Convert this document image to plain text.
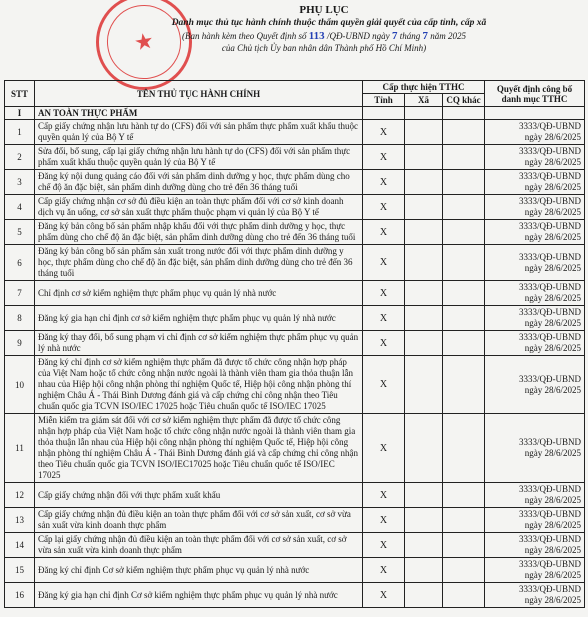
★
PHỤ LỤC
Danh mục thủ tục hành chính thuộc thẩm quyền giải quyết của cấp tỉnh, cấp xã
(Ban hành kèm theo Quyết định số 113 /QĐ-UBND ngày 7 tháng 7 năm 2025
của Chủ tịch Ủy ban nhân dân Thành phố Hồ Chí Minh)
STT	TÊN THỦ TỤC HÀNH CHÍNH	Cấp thực hiện TTHC			Quyết định công bố danh mục TTHC
		Tỉnh	Xã	CQ khác	
I	AN TOÀN THỰC PHẨM				
1	Cấp giấy chứng nhận lưu hành tự do (CFS) đối với sản phẩm thực phẩm xuất khẩu thuộc quyền quản lý của Bộ Y tế	X			3333/QĐ-UBND
ngày 28/6/2025

2	Sửa đổi, bổ sung, cấp lại giấy chứng nhận lưu hành tự do (CFS) đối với sản phẩm thực phẩm xuất khẩu thuộc quyền quản lý của Bộ Y tế	X			3333/QĐ-UBND
ngày 28/6/2025

3	Đăng ký nội dung quảng cáo đối với sản phẩm dinh dưỡng y học, thực phẩm dùng cho chế độ ăn đặc biệt, sản phẩm dinh dưỡng dùng cho trẻ đến 36 tháng tuổi	X			3333/QĐ-UBND
ngày 28/6/2025

4	Cấp giấy chứng nhận cơ sở đủ điều kiện an toàn thực phẩm đối với cơ sở kinh doanh dịch vụ ăn uống, cơ sở sản xuất thực phẩm thuộc phạm vi quản lý của Bộ Y tế	X			3333/QĐ-UBND
ngày 28/6/2025

5	Đăng ký bản công bố sản phẩm nhập khẩu đối với thực phẩm dinh dưỡng y học, thực phẩm dùng cho chế độ ăn đặc biệt, sản phẩm dinh dưỡng dùng cho trẻ đến 36 tháng tuổi	X			3333/QĐ-UBND
ngày 28/6/2025

6	Đăng ký bản công bố sản phẩm sản xuất trong nước đối với thực phẩm dinh dưỡng y học, thực phẩm dùng cho chế độ ăn đặc biệt, sản phẩm dinh dưỡng dùng cho trẻ đến 36 tháng tuổi	X			3333/QĐ-UBND
ngày 28/6/2025

7	Chỉ định cơ sở kiểm nghiệm thực phẩm phục vụ quản lý nhà nước	X			3333/QĐ-UBND
ngày 28/6/2025

8	Đăng ký gia hạn chỉ định cơ sở kiểm nghiệm thực phẩm phục vụ quản lý nhà nước	X			3333/QĐ-UBND
ngày 28/6/2025

9	Đăng ký thay đổi, bổ sung phạm vi chỉ định cơ sở kiểm nghiệm thực phẩm phục vụ quản lý nhà nước	X			3333/QĐ-UBND
ngày 28/6/2025

10	Đăng ký chỉ định cơ sở kiểm nghiệm thực phẩm đã được tổ chức công nhận hợp pháp của Việt Nam hoặc tổ chức công nhận nước ngoài là thành viên tham gia thỏa thuận lẫn nhau của Hiệp hội công nhận phòng thí nghiệm Quốc tế, Hiệp hội công nhận phòng thí nghiệm Châu Á - Thái Bình Dương đánh giá và cấp chứng chỉ công nhận theo Tiêu chuẩn quốc gia TCVN ISO/IEC 17025 hoặc Tiêu chuẩn quốc tế ISO/IEC 17025	X			3333/QĐ-UBND
ngày 28/6/2025

11	Miễn kiểm tra giám sát đối với cơ sở kiểm nghiệm thực phẩm đã được tổ chức công nhận hợp pháp của Việt Nam hoặc tổ chức công nhận nước ngoài là thành viên tham gia thỏa thuận lẫn nhau của Hiệp hội công nhận phòng thí nghiệm Quốc tế, Hiệp hội công nhận phòng thí nghiệm Châu Á - Thái Bình Dương đánh giá và cấp chứng chỉ công nhận theo Tiêu chuẩn quốc gia TCVN ISO/IEC17025 hoặc Tiêu chuẩn quốc tế ISO/IEC 17025	X			3333/QĐ-UBND
ngày 28/6/2025

12	Cấp giấy chứng nhận đối với thực phẩm xuất khẩu	X			3333/QĐ-UBND
ngày 28/6/2025

13	Cấp giấy chứng nhận đủ điều kiện an toàn thực phẩm đối với cơ sở sản xuất, cơ sở vừa sản xuất vừa kinh doanh thực phẩm	X			3333/QĐ-UBND
ngày 28/6/2025

14	Cấp lại giấy chứng nhận đủ điều kiện an toàn thực phẩm đối với cơ sở sản xuất, cơ sở vừa sản xuất vừa kinh doanh thực phẩm	X			3333/QĐ-UBND
ngày 28/6/2025

15	Đăng ký chỉ định Cơ sở kiểm nghiệm thực phẩm phục vụ quản lý nhà nước	X			3333/QĐ-UBND
ngày 28/6/2025

16	Đăng ký gia hạn chỉ định Cơ sở kiểm nghiệm thực phẩm phục vụ quản lý nhà nước	X			3333/QĐ-UBND
ngày 28/6/2025
